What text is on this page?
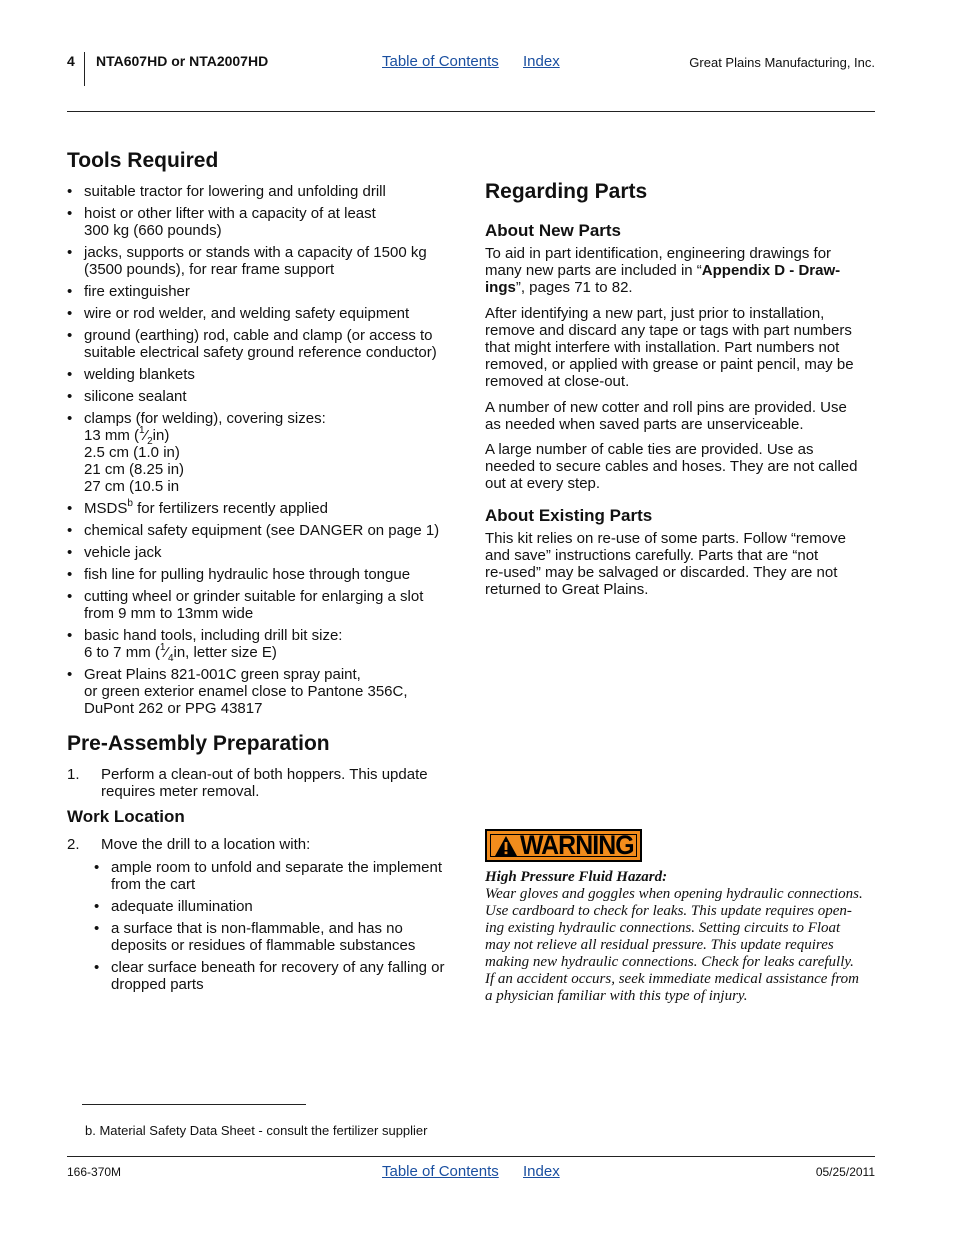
4 NTA607HD or NTA2007HD	Table of Contents Index	Great Plains Manufacturing, Inc.
Tools Required
• suitable tractor for lowering and unfolding drill
• hoist or other lifter with a capacity of at least
300 kg (660 pounds)
• jacks, supports or stands with a capacity of 1500 kg
(3500 pounds), for rear frame support
• fire extinguisher
• wire or rod welder, and welding safety equipment
• ground (earthing) rod, cable and clamp (or access to
suitable electrical safety ground reference conductor)
• welding blankets
• silicone sealant
• clamps (for welding), covering sizes:
13 mm $(^1⁄_2in)$
2.5 cm (1.0 in)
21 cm (8.25 in)
27 cm (10.5 in
• MSDS$^b$ for fertilizers recently applied
• chemical safety equipment (see DANGER on page 1)
• vehicle jack
• fish line for pulling hydraulic hose through tongue
• cutting wheel or grinder suitable for enlarging a slot
from 9 mm to 13mm wide
• basic hand tools, including drill bit size:
6 to 7 mm ($^1⁄_4in$, letter size E)
• Great Plains 821-001C green spray paint,
or green exterior enamel close to Pantone 356C,
DuPont 262 or PPG 43817
Pre-Assembly Preparation
1. Perform a clean-out of both hoppers. This update
requires meter removal.
Work Location
2. Move the drill to a location with:
• ample room to unfold and separate the implement
from the cart
• adequate illumination
• a surface that is non-flammable, and has no
deposits or residues of flammable substances
• clear surface beneath for recovery of any falling or
dropped parts
Regarding Parts
About New Parts
To aid in part identification, engineering drawings for
many new parts are included in “Appendix D - Draw-
ings”, pages 71 to 82.
After identifying a new part, just prior to installation,
remove and discard any tape or tags with part numbers
that might interfere with installation. Part numbers not
removed, or applied with grease or paint pencil, may be
removed at close-out.
A number of new cotter and roll pins are provided. Use
as needed when saved parts are unserviceable.
A large number of cable ties are provided. Use as
needed to secure cables and hoses. They are not called
out at every step.
About Existing Parts
This kit relies on re-use of some parts. Follow “remove
and save” instructions carefully. Parts that are “not
re-used” may be salvaged or discarded. They are not
returned to Great Plains.
WARNING
High Pressure Fluid Hazard:
Wear gloves and goggles when opening hydraulic connections.
Use cardboard to check for leaks. This update requires open-
ing existing hydraulic connections. Setting circuits to Float
may not relieve all residual pressure. This update requires
making new hydraulic connections. Check for leaks carefully.
If an accident occurs, seek immediate medical assistance from
a physician familiar with this type of injury.
b. Material Safety Data Sheet - consult the fertilizer supplier
166-370M	Table of Contents Index	05/25/2011
